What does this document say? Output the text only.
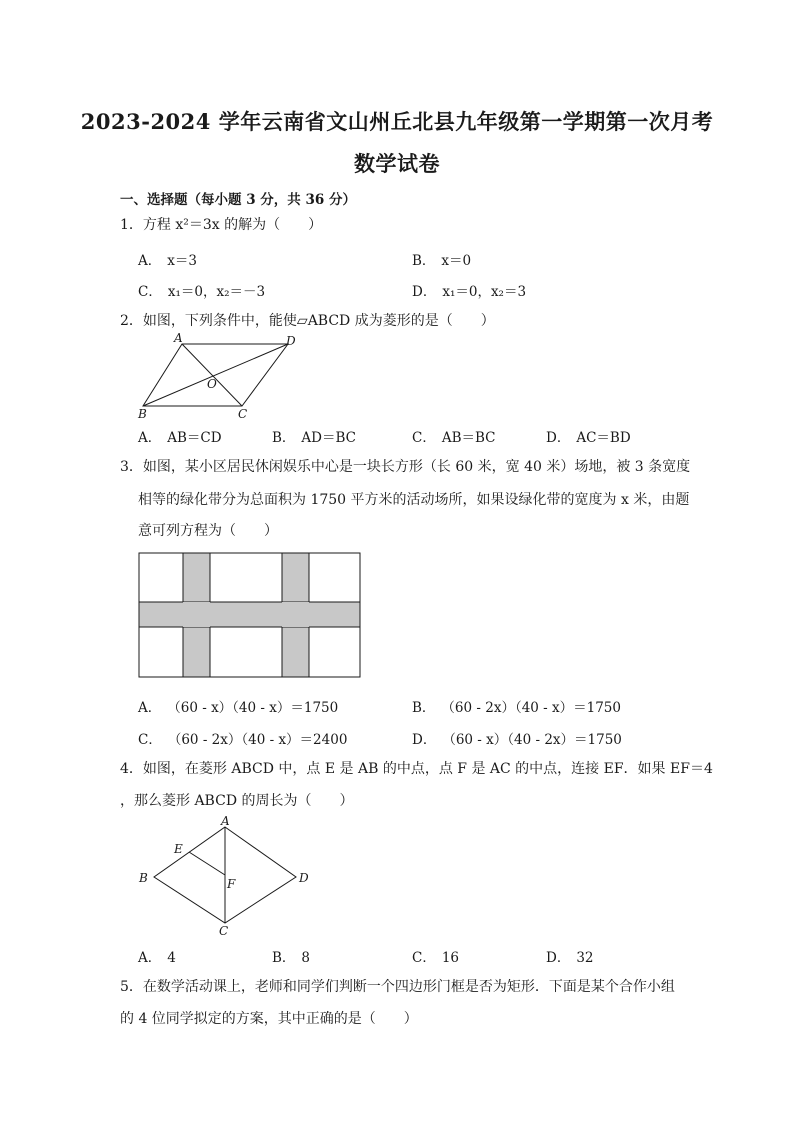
2023-2024 学年云南省文山州丘北县九年级第一学期第一次月考
数学试卷
一、选择题（每小题 3 分，共 36 分）
1．方程 x²＝3x 的解为（　　）
A． x＝3	B． x＝0
C． x₁＝0，x₂＝－3	D． x₁＝0，x₂＝3
2．如图，下列条件中，能使▱ABCD 成为菱形的是（　　）
A	D
O
B	C
A． AB＝CD	B． AD＝BC	C． AB＝BC	D． AC＝BD
3．如图，某小区居民休闲娱乐中心是一块长方形（长 60 米，宽 40 米）场地，被 3 条宽度
相等的绿化带分为总面积为 1750 平方米的活动场所，如果设绿化带的宽度为 x 米，由题
意可列方程为（　　）
A． （60 - x）（40 - x）＝1750	B． （60 - 2x）（40 - x）＝1750
C． （60 - 2x）（40 - x）＝2400	D． （60 - x）（40 - 2x）＝1750
4．如图，在菱形 ABCD 中，点 E 是 AB 的中点，点 F 是 AC 的中点，连接 EF．如果 EF＝4
，那么菱形 ABCD 的周长为（　　）
A
E
B	F	D
C
A． 4	B． 8	C． 16	D． 32
5．在数学活动课上，老师和同学们判断一个四边形门框是否为矩形．下面是某个合作小组
的 4 位同学拟定的方案，其中正确的是（　　）
